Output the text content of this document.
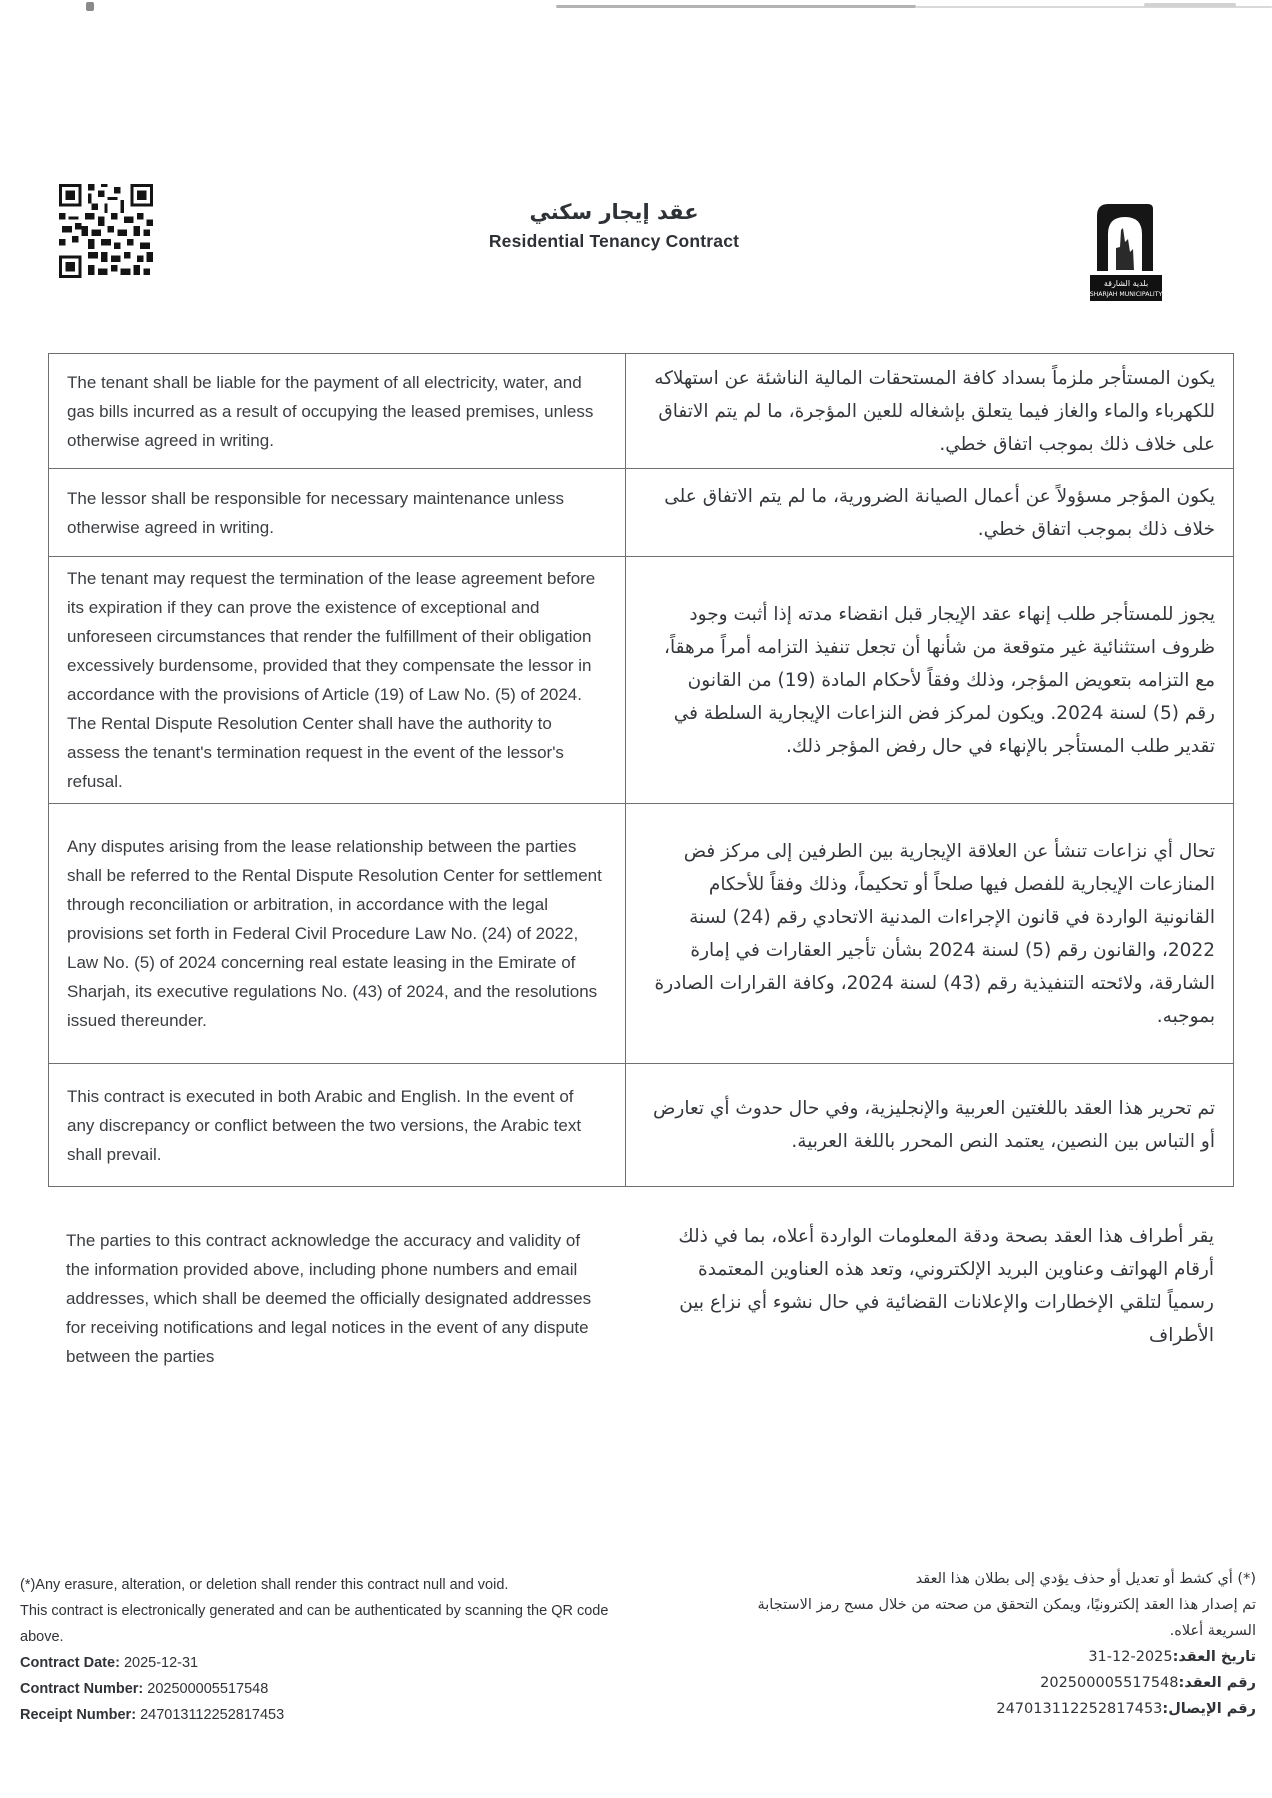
عقد إيجار سكني
Residential Tenancy Contract
بلدية الشارقة
SHARJAH MUNICIPALITY
The tenant shall be liable for the payment of all electricity, water, and gas bills incurred as a result of occupying the leased premises, unless otherwise agreed in writing.
يكون المستأجر ملزماً بسداد كافة المستحقات المالية الناشئة عن استهلاكه للكهرباء والماء والغاز فيما يتعلق بإشغاله للعين المؤجرة، ما لم يتم الاتفاق على خلاف ذلك بموجب اتفاق خطي.
The lessor shall be responsible for necessary maintenance unless otherwise agreed in writing.
يكون المؤجر مسؤولاً عن أعمال الصيانة الضرورية، ما لم يتم الاتفاق على خلاف ذلك بموجب اتفاق خطي.
The tenant may request the termination of the lease agreement before its expiration if they can prove the existence of exceptional and unforeseen circumstances that render the fulfillment of their obligation excessively burdensome, provided that they compensate the lessor in accordance with the provisions of Article (19) of Law No. (5) of 2024. The Rental Dispute Resolution Center shall have the authority to assess the tenant's termination request in the event of the lessor's refusal.
يجوز للمستأجر طلب إنهاء عقد الإيجار قبل انقضاء مدته إذا أثبت وجود ظروف استثنائية غير متوقعة من شأنها أن تجعل تنفيذ التزامه أمراً مرهقاً، مع التزامه بتعويض المؤجر، وذلك وفقاً لأحكام المادة (19) من القانون رقم (5) لسنة 2024. ويكون لمركز فض النزاعات الإيجارية السلطة في تقدير طلب المستأجر بالإنهاء في حال رفض المؤجر ذلك.
Any disputes arising from the lease relationship between the parties shall be referred to the Rental Dispute Resolution Center for settlement through reconciliation or arbitration, in accordance with the legal provisions set forth in Federal Civil Procedure Law No. (24) of 2022, Law No. (5) of 2024 concerning real estate leasing in the Emirate of Sharjah, its executive regulations No. (43) of 2024, and the resolutions issued thereunder.
تحال أي نزاعات تنشأ عن العلاقة الإيجارية بين الطرفين إلى مركز فض المنازعات الإيجارية للفصل فيها صلحاً أو تحكيماً، وذلك وفقاً للأحكام القانونية الواردة في قانون الإجراءات المدنية الاتحادي رقم (24) لسنة 2022، والقانون رقم (5) لسنة 2024 بشأن تأجير العقارات في إمارة الشارقة، ولائحته التنفيذية رقم (43) لسنة 2024، وكافة القرارات الصادرة بموجبه.
This contract is executed in both Arabic and English. In the event of any discrepancy or conflict between the two versions, the Arabic text shall prevail.
تم تحرير هذا العقد باللغتين العربية والإنجليزية، وفي حال حدوث أي تعارض أو التباس بين النصين، يعتمد النص المحرر باللغة العربية.
The parties to this contract acknowledge the accuracy and validity of the information provided above, including phone numbers and email addresses, which shall be deemed the officially designated addresses for receiving notifications and legal notices in the event of any dispute between the parties
يقر أطراف هذا العقد بصحة ودقة المعلومات الواردة أعلاه، بما في ذلك أرقام الهواتف وعناوين البريد الإلكتروني، وتعد هذه العناوين المعتمدة رسمياً لتلقي الإخطارات والإعلانات القضائية في حال نشوء أي نزاع بين الأطراف
(*)Any erasure, alteration, or deletion shall render this contract null and void.
This contract is electronically generated and can be authenticated by scanning the QR code above.
Contract Date: 2025-12-31
Contract Number: 202500005517548
Receipt Number: 247013112252817453
(*) أي كشط أو تعديل أو حذف يؤدي إلى بطلان هذا العقد
تم إصدار هذا العقد إلكترونيًا، ويمكن التحقق من صحته من خلال مسح رمز الاستجابة السريعة أعلاه.
تاريخ العقد:2025-12-31
رقم العقد:202500005517548
رقم الإيصال:247013112252817453
